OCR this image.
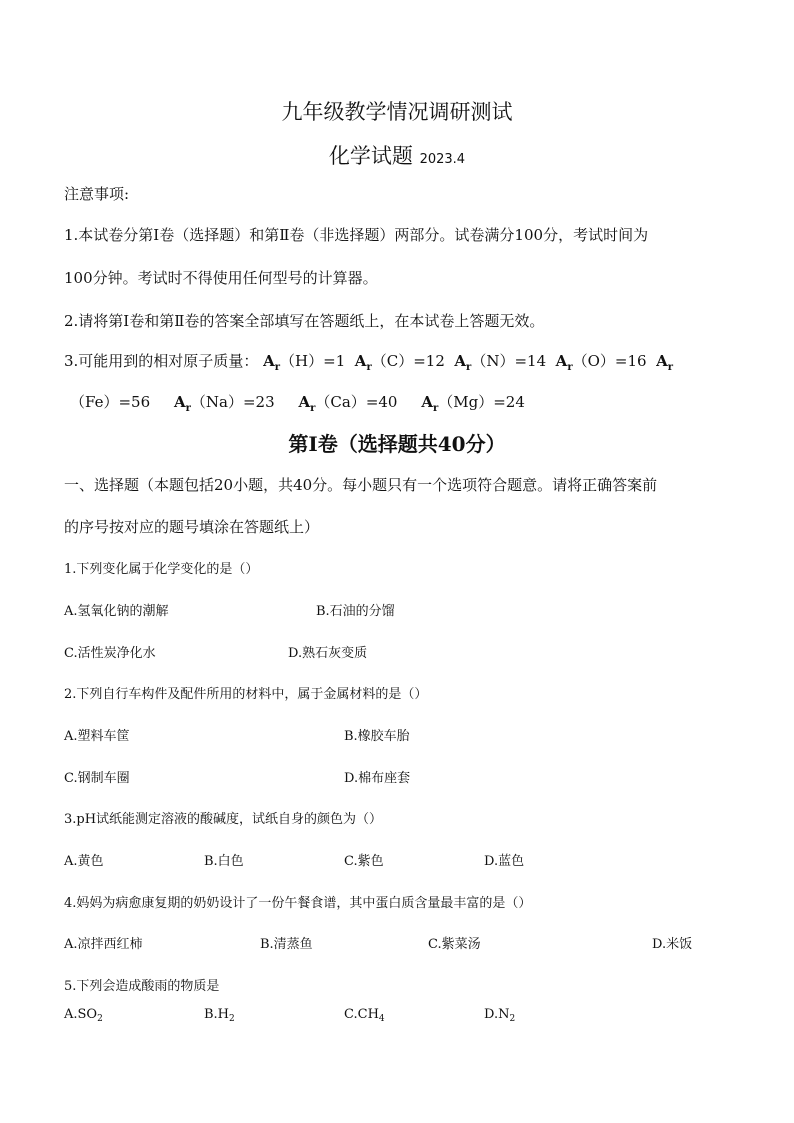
九年级教学情况调研测试
化学试题 2023.4
注意事项:
1.本试卷分第Ⅰ卷（选择题）和第Ⅱ卷（非选择题）两部分。试卷满分100分，考试时间为
100分钟。考试时不得使用任何型号的计算器。
2.请将第Ⅰ卷和第Ⅱ卷的答案全部填写在答题纸上，在本试卷上答题无效。
3.可能用到的相对原子质量： $A_r(H)=1$ $A_r(C)=12$ $A_r(N)=14$ $A_r(O)=16$ $A_r$
（Fe）=56 $A_r(Na)=23$ $A_r(Ca)=40$ $A_r(Mg)=24$
第Ⅰ卷（选择题共40分）
一、选择题（本题包括20小题，共40分。每小题只有一个选项符合题意。请将正确答案前
的序号按对应的题号填涂在答题纸上）
1.下列变化属于化学变化的是（）
A.氢氧化钠的潮解	B.石油的分馏
C.活性炭净化水	D.熟石灰变质
2.下列自行车构件及配件所用的材料中，属于金属材料的是（）
A.塑料车筐	B.橡胶车胎
C.钢制车圈	D.棉布座套
3.pH试纸能测定溶液的酸碱度，试纸自身的颜色为（）
A.黄色	B.白色	C.紫色	D.蓝色
4.妈妈为病愈康复期的奶奶设计了一份午餐食谱，其中蛋白质含量最丰富的是（）
A.凉拌西红柿	B.清蒸鱼	C.紫菜汤	D.米饭
5.下列会造成酸雨的物质是
$A.SO_2$	$B.H_2$	$C.CH_4$	$D.N_2$
